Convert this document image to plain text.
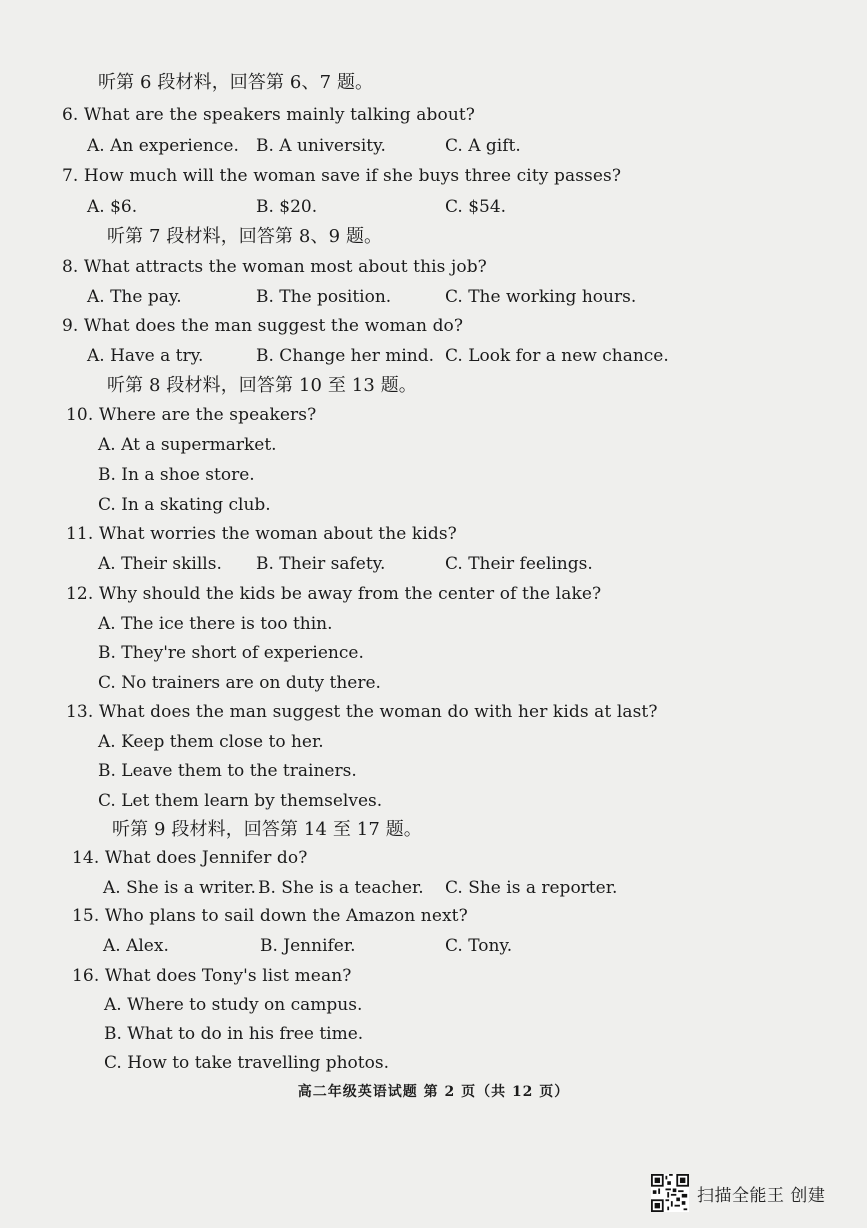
听第 6 段材料，回答第 6、7 题。
6. What are the speakers mainly talking about?
A. An experience. B. A university.	C. A gift.
7. How much will the woman save if she buys three city passes?
A. $6.	B. $20.	C. $54.
听第 7 段材料，回答第 8、9 题。
8. What attracts the woman most about this job?
A. The pay.	B. The position.	C. The working hours.
9. What does the man suggest the woman do?
A. Have a try.	B. Change her mind. C. Look for a new chance.
听第 8 段材料，回答第 10 至 13 题。
10. Where are the speakers?
A. At a supermarket.
B. In a shoe store.
C. In a skating club.
11. What worries the woman about the kids?
A. Their skills. B. Their safety.	C. Their feelings.
12. Why should the kids be away from the center of the lake?
A. The ice there is too thin.
B. They're short of experience.
C. No trainers are on duty there.
13. What does the man suggest the woman do with her kids at last?
A. Keep them close to her.
B. Leave them to the trainers.
C. Let them learn by themselves.
听第 9 段材料，回答第 14 至 17 题。
14. What does Jennifer do?
A. She is a writer. B. She is a teacher. C. She is a reporter.
15. Who plans to sail down the Amazon next?
A. Alex.	B. Jennifer.	C. Tony.
16. What does Tony's list mean?
A. Where to study on campus.
B. What to do in his free time.
C. How to take travelling photos.
高二年级英语试题 第 2 页（共 12 页）
扫描全能王 创建
